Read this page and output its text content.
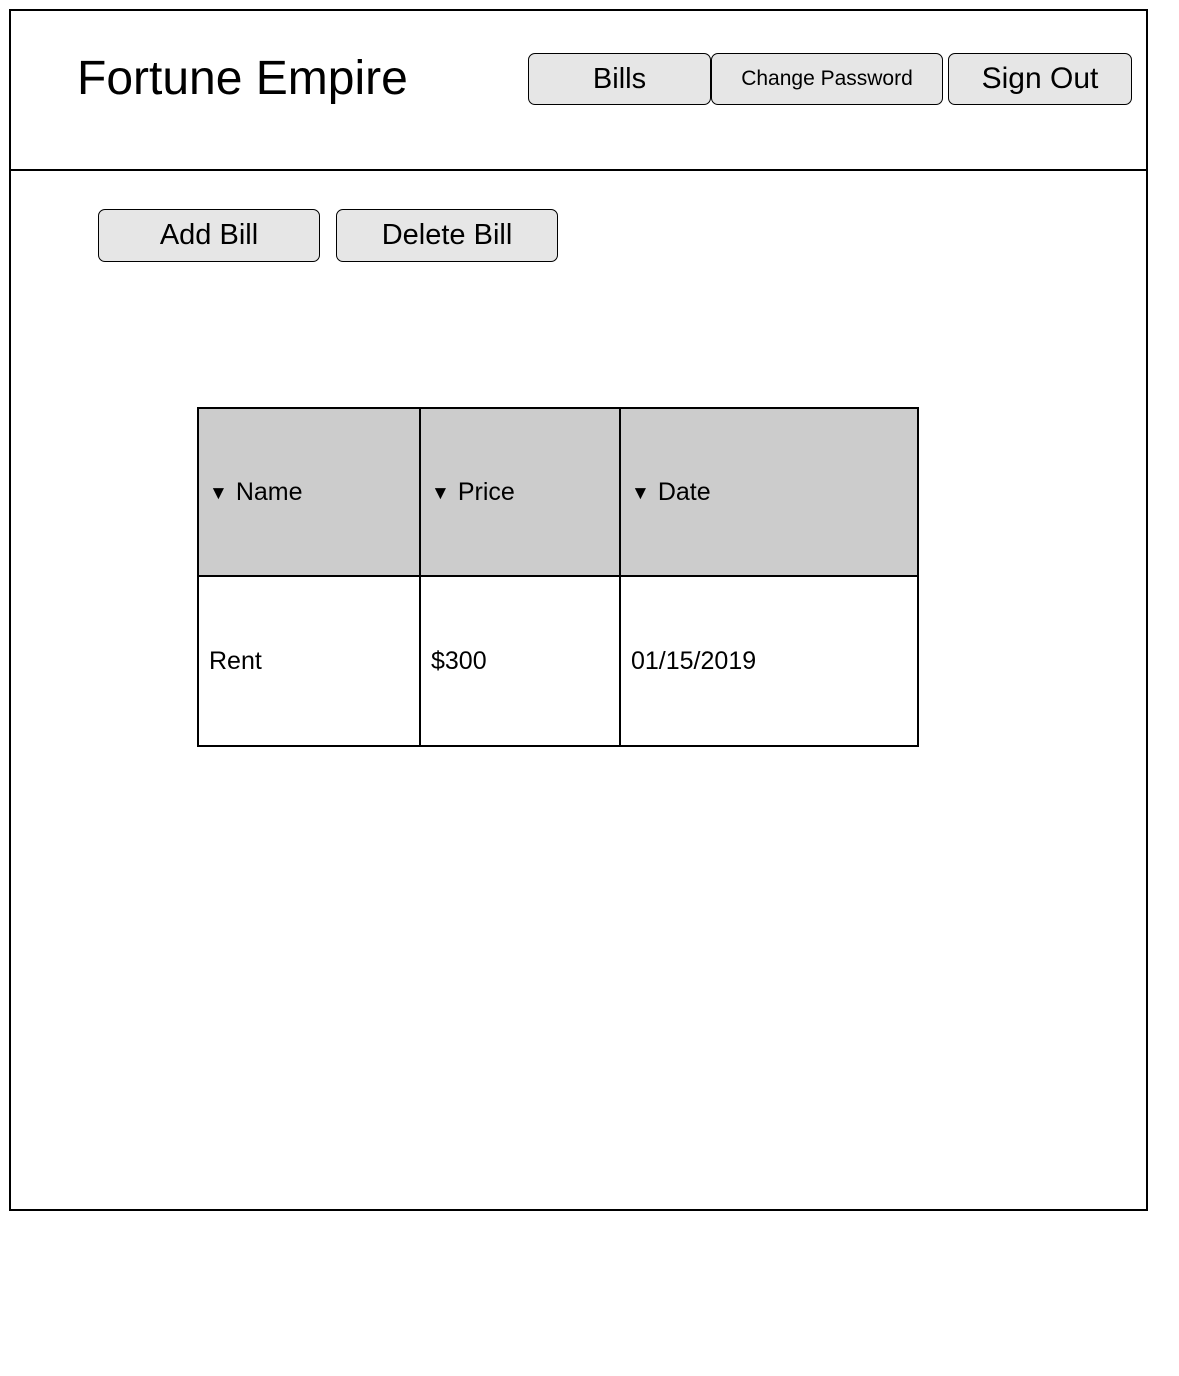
Fortune Empire	Bills	Change Password	Sign Out
Add Bill	Delete Bill
▼ Name	▼ Price	▼ Date
Rent	$300	01/15/2019
